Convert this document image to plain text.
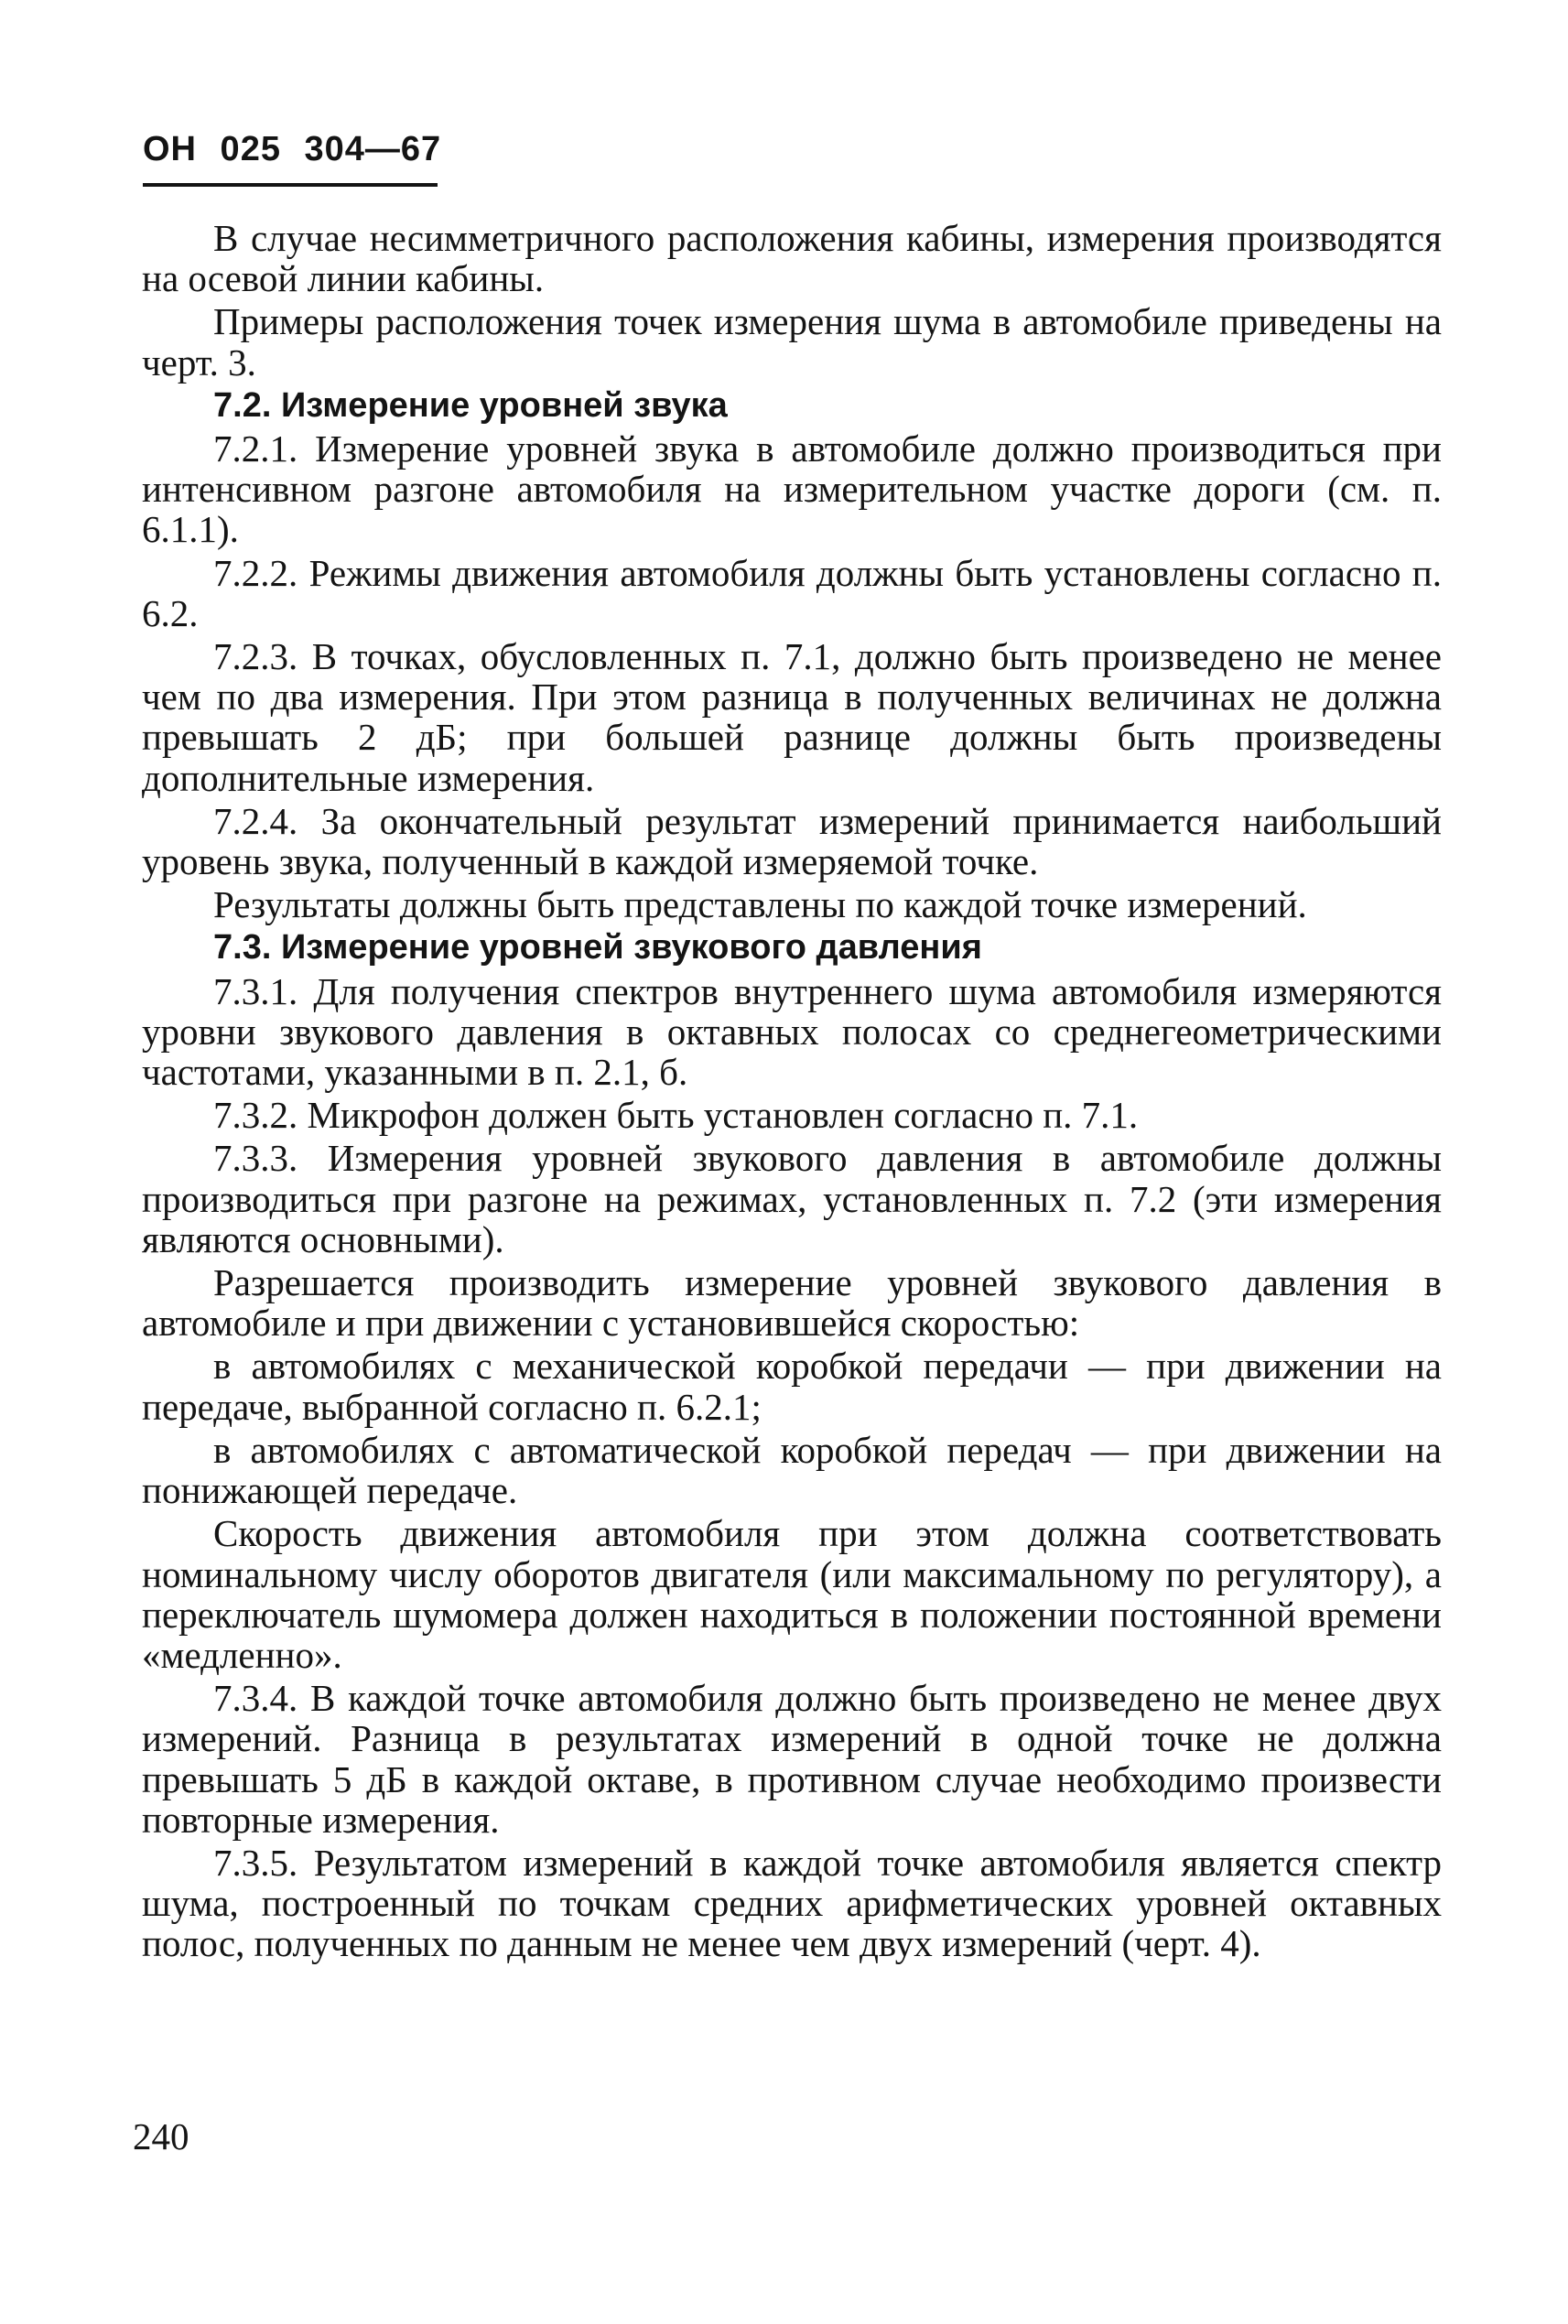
ОН 025 304—67

В случае несимметричного расположения кабины, измерения производятся на осевой линии кабины.

Примеры расположения точек измерения шума в автомобиле приведены на черт. 3.

7.2. Измерение уровней звука

7.2.1. Измерение уровней звука в автомобиле должно производиться при интенсивном разгоне автомобиля на измерительном участке дороги (см. п. 6.1.1).

7.2.2. Режимы движения автомобиля должны быть установлены согласно п. 6.2.

7.2.3. В точках, обусловленных п. 7.1, должно быть произведено не менее чем по два измерения. При этом разница в полученных величинах не должна превышать 2 дБ; при большей разнице должны быть произведены дополнительные измерения.

7.2.4. За окончательный результат измерений принимается наибольший уровень звука, полученный в каждой измеряемой точке.

Результаты должны быть представлены по каждой точке измерений.

7.3. Измерение уровней звукового давления

7.3.1. Для получения спектров внутреннего шума автомобиля измеряются уровни звукового давления в октавных полосах со среднегеометрическими частотами, указанными в п. 2.1, б.

7.3.2. Микрофон должен быть установлен согласно п. 7.1.

7.3.3. Измерения уровней звукового давления в автомобиле должны производиться при разгоне на режимах, установленных п. 7.2 (эти измерения являются основными).

Разрешается производить измерение уровней звукового давления в автомобиле и при движении с установившейся скоростью:

в автомобилях с механической коробкой передачи — при движении на передаче, выбранной согласно п. 6.2.1;

в автомобилях с автоматической коробкой передач — при движении на понижающей передаче.

Скорость движения автомобиля при этом должна соответствовать номинальному числу оборотов двигателя (или максимальному по регулятору), а переключатель шумомера должен находиться в положении постоянной времени «медленно».

7.3.4. В каждой точке автомобиля должно быть произведено не менее двух измерений. Разница в результатах измерений в одной точке не должна превышать 5 дБ в каждой октаве, в противном случае необходимо произвести повторные измерения.

7.3.5. Результатом измерений в каждой точке автомобиля является спектр шума, построенный по точкам средних арифметических уровней октавных полос, полученных по данным не менее чем двух измерений (черт. 4).

240
